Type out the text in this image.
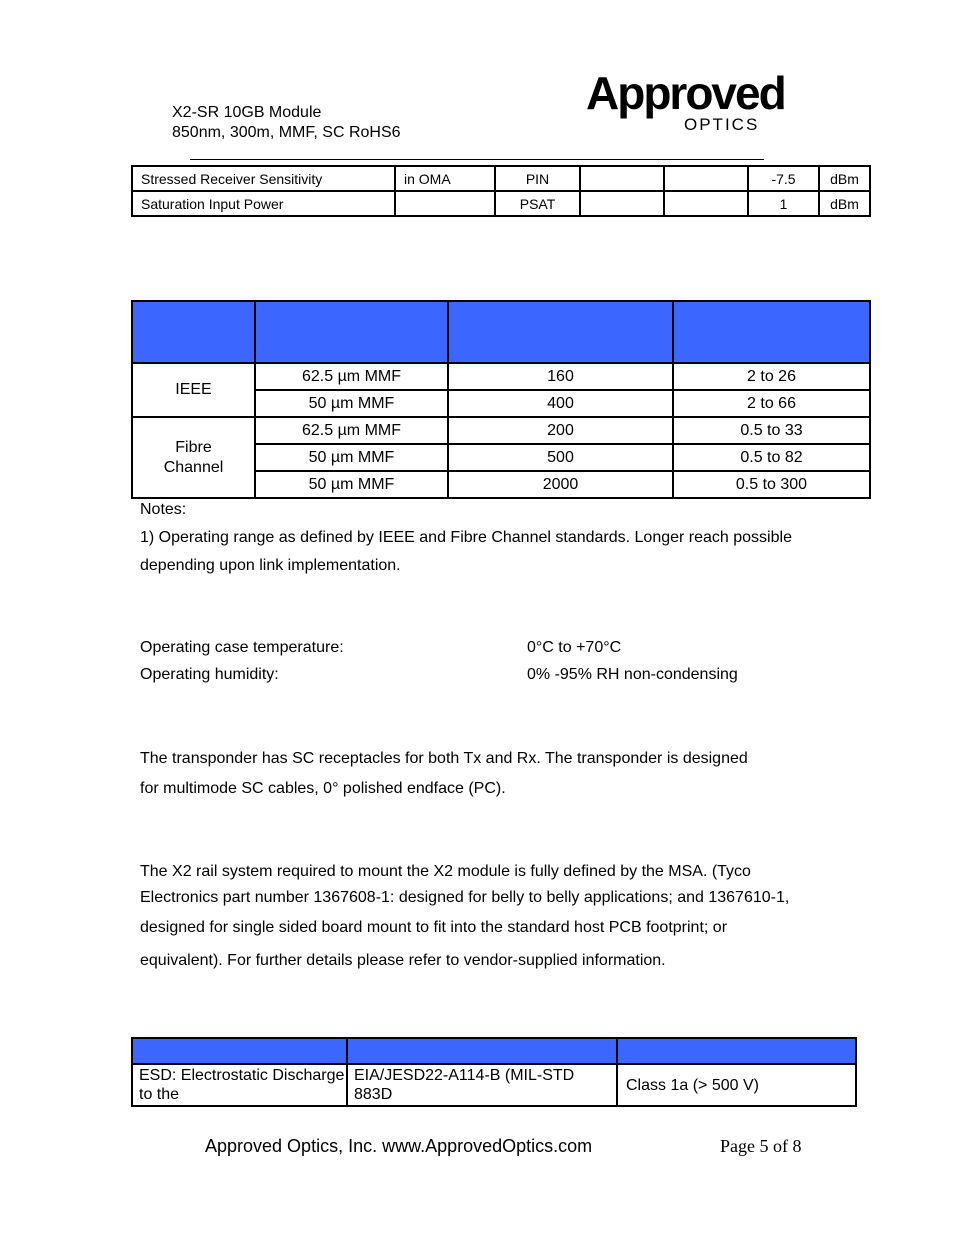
X2-SR 10GB Module
850nm, 300m, MMF, SC RoHS6
Approved
OPTICS
Stressed Receiver Sensitivity	in OMA	PIN			-7.5	dBm
Saturation Input Power		PSAT			1	dBm

IEEE	62.5 µm MMF	160	2 to 26
	50 µm MMF	400	2 to 66
Fibre Channel	62.5 µm MMF	200	0.5 to 33
	50 µm MMF	500	0.5 to 82
	50 µm MMF	2000	0.5 to 300
Notes:
1) Operating range as defined by IEEE and Fibre Channel standards. Longer reach possible
depending upon link implementation.
Operating case temperature:	0°C to +70°C
Operating humidity:	0% -95% RH non-condensing
The transponder has SC receptacles for both Tx and Rx. The transponder is designed
for multimode SC cables, 0° polished endface (PC).
The X2 rail system required to mount the X2 module is fully defined by the MSA. (Tyco
Electronics part number 1367608-1: designed for belly to belly applications; and 1367610-1,
designed for single sided board mount to fit into the standard host PCB footprint; or
equivalent). For further details please refer to vendor-supplied information.

ESD: Electrostatic Discharge to the	EIA/JESD22-A114-B (MIL-STD 883D	Class 1a (> 500 V)
Approved Optics, Inc. www.ApprovedOptics.com	Page 5 of 8
